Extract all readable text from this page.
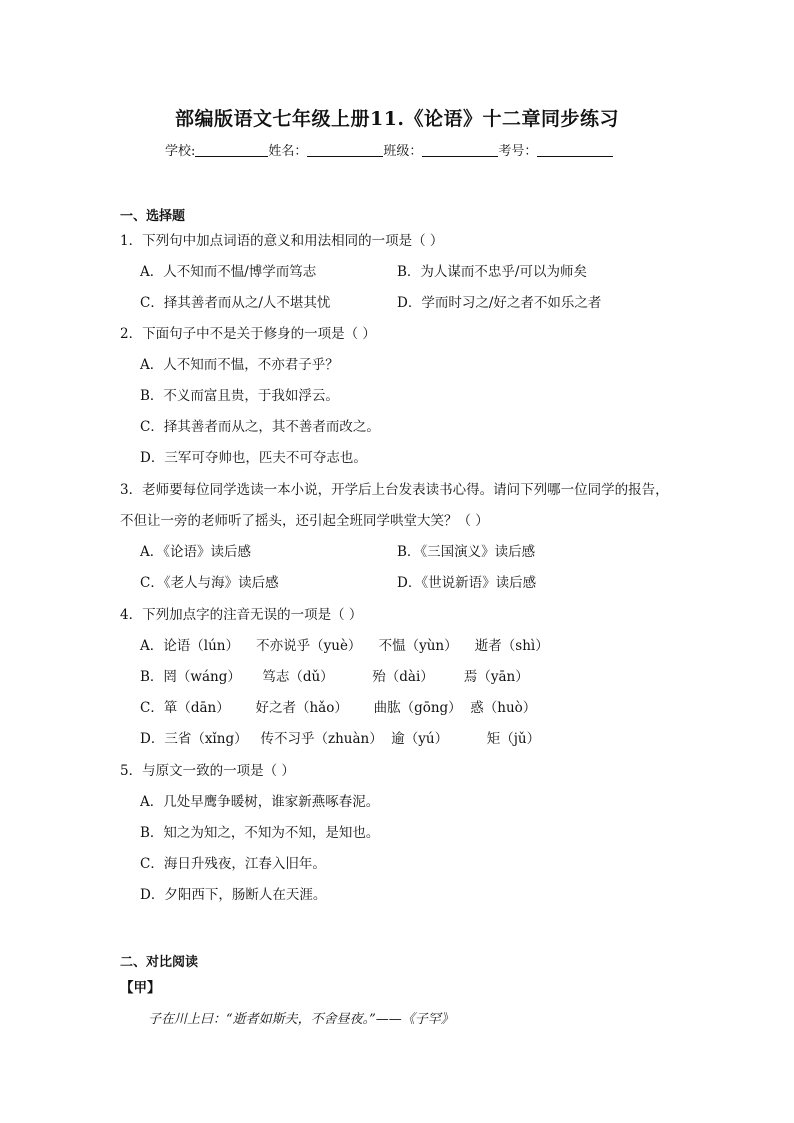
部编版语文七年级上册11.《论语》十二章同步练习
学校:	姓名：	班级：	考号：
一、选择题
1．下列句中加点词语的意义和用法相同的一项是（ ）
A．人不知而不愠/博学而笃志	B．为人谋而不忠乎/可以为师矣
C．择其善者而从之/人不堪其忧	D．学而时习之/好之者不如乐之者
2．下面句子中不是关于修身的一项是（ ）
A．人不知而不愠，不亦君子乎？
B．不义而富且贵，于我如浮云。
C．择其善者而从之，其不善者而改之。
D．三军可夺帅也，匹夫不可夺志也。
3．老师要每位同学选读一本小说，开学后上台发表读书心得。请问下列哪一位同学的报告，
不但让一旁的老师听了摇头，还引起全班同学哄堂大笑？（ ）
A．《论语》读后感	B．《三国演义》读后感
C．《老人与海》读后感	D．《世说新语》读后感
4．下列加点字的注音无误的一项是（ ）
A．论语（lún）    不亦说乎（yuè）    不愠（yùn）    逝者（shì）
B．罔（wáng）     笃志（dǔ）         殆（dài）       焉（yān）
C．箪（dān）      好之者（hǎo）      曲肱（gōng）  惑（huò）
D．三省（xǐng）   传不习乎（zhuàn）  逾（yú）         矩（jǔ）
5．与原文一致的一项是（ ）
A．几处早鹰争暖树，谁家新燕啄春泥。
B．知之为知之，不知为不知，是知也。
C．海日升残夜，江春入旧年。
D．夕阳西下，肠断人在天涯。
二、对比阅读
【甲】
子在川上曰：“逝者如斯夫，不舍昼夜。”——《子罕》
